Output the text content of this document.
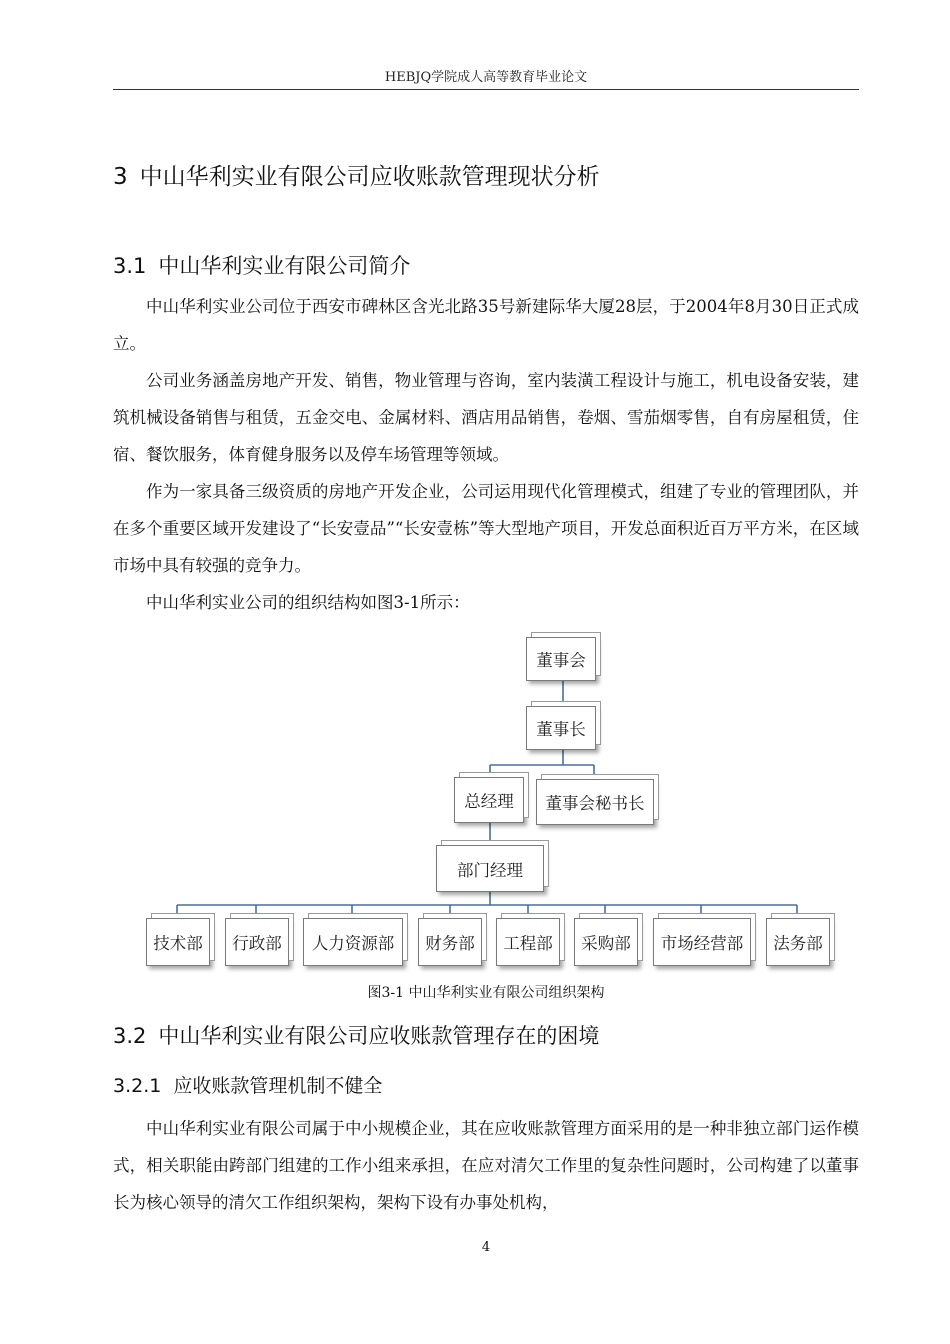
HEBJQ学院成人高等教育毕业论文
3 中山华利实业有限公司应收账款管理现状分析
3.1 中山华利实业有限公司简介

中山华利实业公司位于西安市碑林区含光北路35号新建际华大厦28层，于2004年8月30日正式成立。

公司业务涵盖房地产开发、销售，物业管理与咨询，室内装潢工程设计与施工，机电设备安装，建筑机械设备销售与租赁，五金交电、金属材料、酒店用品销售，卷烟、雪茄烟零售，自有房屋租赁，住宿、餐饮服务，体育健身服务以及停车场管理等领域。

作为一家具备三级资质的房地产开发企业，公司运用现代化管理模式，组建了专业的管理团队，并在多个重要区域开发建设了“长安壹品”“长安壹栋”等大型地产项目，开发总面积近百万平方米，在区域市场中具有较强的竞争力。

中山华利实业公司的组织结构如图3-1所示：

董事会
董事长
总经理	董事会秘书长
部门经理
技术部	行政部	人力资源部	财务部	工程部	采购部	市场经营部	法务部
图3-1 中山华利实业有限公司组织架构
3.2 中山华利实业有限公司应收账款管理存在的困境
3.2.1 应收账款管理机制不健全

中山华利实业有限公司属于中小规模企业，其在应收账款管理方面采用的是一种非独立部门运作模式，相关职能由跨部门组建的工作小组来承担，在应对清欠工作里的复杂性问题时，公司构建了以董事长为核心领导的清欠工作组织架构，架构下设有办事处机构，

4
